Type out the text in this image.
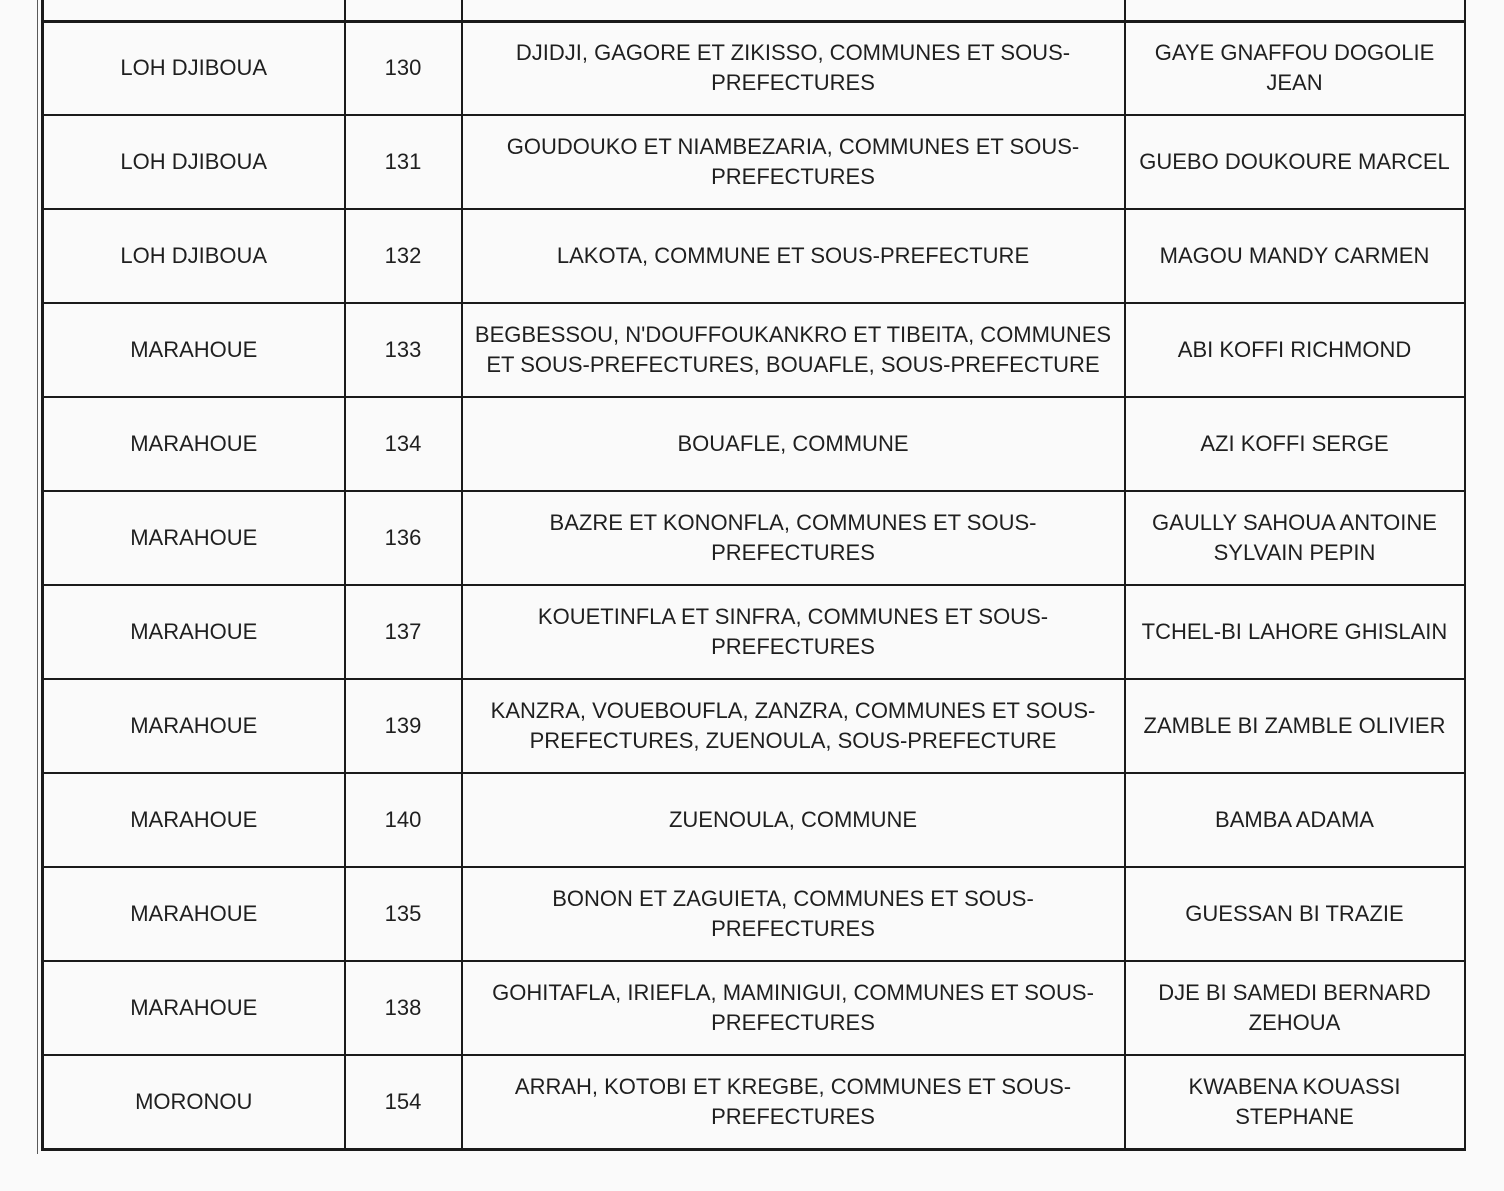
LOH DJIBOUA	130	DJIDJI, GAGORE ET ZIKISSO, COMMUNES ET SOUS-PREFECTURES	GAYE GNAFFOU DOGOLIE JEAN
LOH DJIBOUA	131	GOUDOUKO ET NIAMBEZARIA, COMMUNES ET SOUS-PREFECTURES	GUEBO DOUKOURE MARCEL
LOH DJIBOUA	132	LAKOTA, COMMUNE ET SOUS-PREFECTURE	MAGOU MANDY CARMEN
MARAHOUE	133	BEGBESSOU, N'DOUFFOUKANKRO ET TIBEITA, COMMUNES ET SOUS-PREFECTURES, BOUAFLE, SOUS-PREFECTURE	ABI KOFFI RICHMOND
MARAHOUE	134	BOUAFLE, COMMUNE	AZI KOFFI SERGE
MARAHOUE	136	BAZRE ET KONONFLA, COMMUNES ET SOUS-PREFECTURES	GAULLY SAHOUA ANTOINE SYLVAIN PEPIN
MARAHOUE	137	KOUETINFLA ET SINFRA, COMMUNES ET SOUS-PREFECTURES	TCHEL-BI LAHORE GHISLAIN
MARAHOUE	139	KANZRA, VOUEBOUFLA, ZANZRA, COMMUNES ET SOUS-PREFECTURES, ZUENOULA, SOUS-PREFECTURE	ZAMBLE BI ZAMBLE OLIVIER
MARAHOUE	140	ZUENOULA, COMMUNE	BAMBA ADAMA
MARAHOUE	135	BONON ET ZAGUIETA, COMMUNES ET SOUS-PREFECTURES	GUESSAN BI TRAZIE
MARAHOUE	138	GOHITAFLA, IRIEFLA, MAMINIGUI, COMMUNES ET SOUS-PREFECTURES	DJE BI SAMEDI BERNARD ZEHOUA
MORONOU	154	ARRAH, KOTOBI ET KREGBE, COMMUNES ET SOUS-PREFECTURES	KWABENA KOUASSI STEPHANE
